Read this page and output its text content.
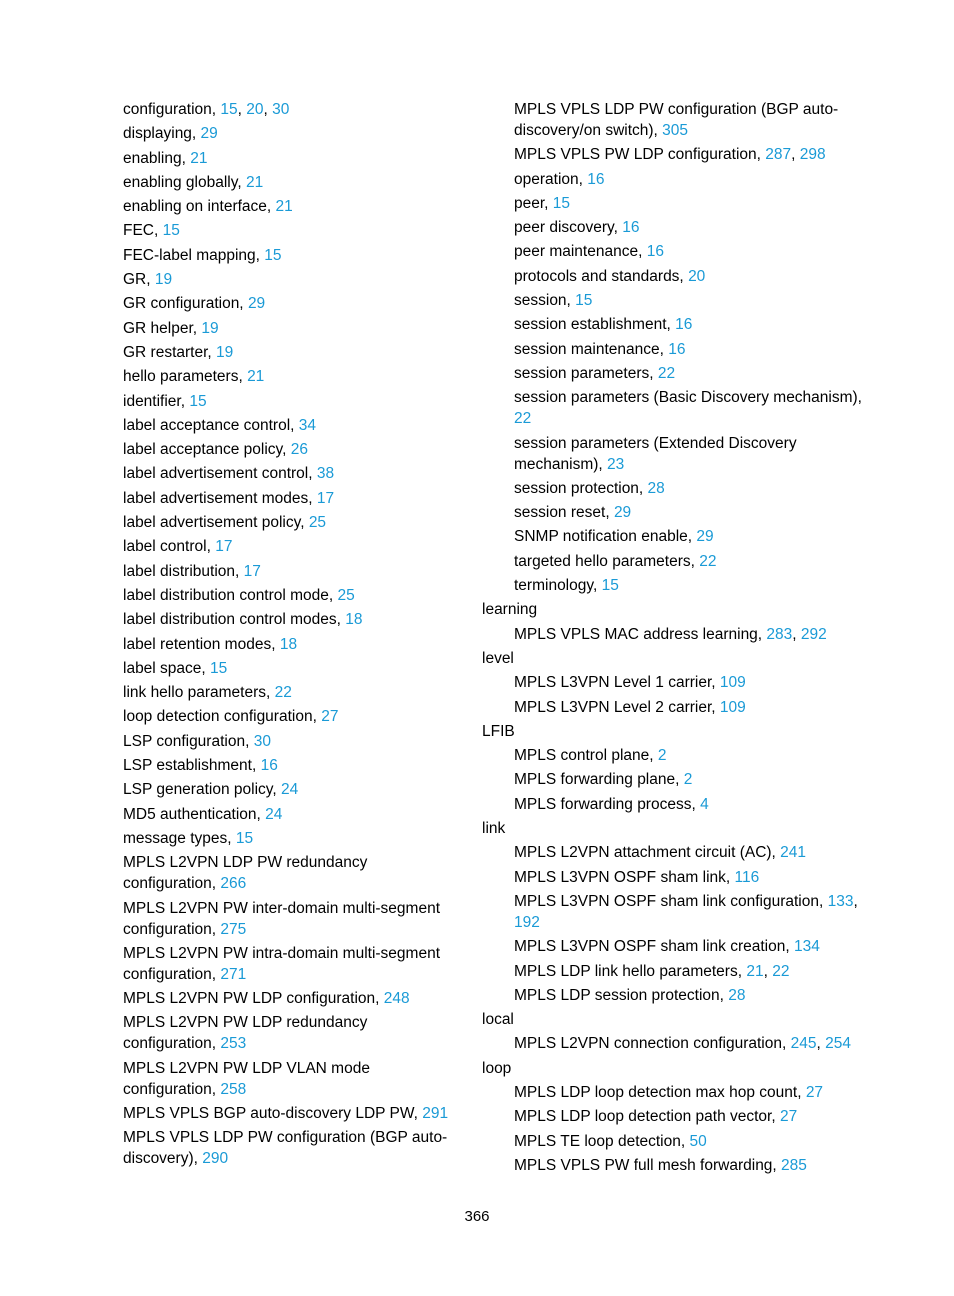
configuration, 15, 20, 30
displaying, 29
enabling, 21
enabling globally, 21
enabling on interface, 21
FEC, 15
FEC-label mapping, 15
GR, 19
GR configuration, 29
GR helper, 19
GR restarter, 19
hello parameters, 21
identifier, 15
label acceptance control, 34
label acceptance policy, 26
label advertisement control, 38
label advertisement modes, 17
label advertisement policy, 25
label control, 17
label distribution, 17
label distribution control mode, 25
label distribution control modes, 18
label retention modes, 18
label space, 15
link hello parameters, 22
loop detection configuration, 27
LSP configuration, 30
LSP establishment, 16
LSP generation policy, 24
MD5 authentication, 24
message types, 15
MPLS L2VPN LDP PW redundancy configuration, 266
MPLS L2VPN PW inter-domain multi-segment configuration, 275
MPLS L2VPN PW intra-domain multi-segment configuration, 271
MPLS L2VPN PW LDP configuration, 248
MPLS L2VPN PW LDP redundancy configuration, 253
MPLS L2VPN PW LDP VLAN mode configuration, 258
MPLS VPLS BGP auto-discovery LDP PW, 291
MPLS VPLS LDP PW configuration (BGP auto-discovery), 290
MPLS VPLS LDP PW configuration (BGP auto-discovery/on switch), 305
MPLS VPLS PW LDP configuration, 287, 298
operation, 16
peer, 15
peer discovery, 16
peer maintenance, 16
protocols and standards, 20
session, 15
session establishment, 16
session maintenance, 16
session parameters, 22
session parameters (Basic Discovery mechanism), 22
session parameters (Extended Discovery mechanism), 23
session protection, 28
session reset, 29
SNMP notification enable, 29
targeted hello parameters, 22
terminology, 15
learning
MPLS VPLS MAC address learning, 283, 292
level
MPLS L3VPN Level 1 carrier, 109
MPLS L3VPN Level 2 carrier, 109
LFIB
MPLS control plane, 2
MPLS forwarding plane, 2
MPLS forwarding process, 4
link
MPLS L2VPN attachment circuit (AC), 241
MPLS L3VPN OSPF sham link, 116
MPLS L3VPN OSPF sham link configuration, 133, 192
MPLS L3VPN OSPF sham link creation, 134
MPLS LDP link hello parameters, 21, 22
MPLS LDP session protection, 28
local
MPLS L2VPN connection configuration, 245, 254
loop
MPLS LDP loop detection max hop count, 27
MPLS LDP loop detection path vector, 27
MPLS TE loop detection, 50
MPLS VPLS PW full mesh forwarding, 285
366
